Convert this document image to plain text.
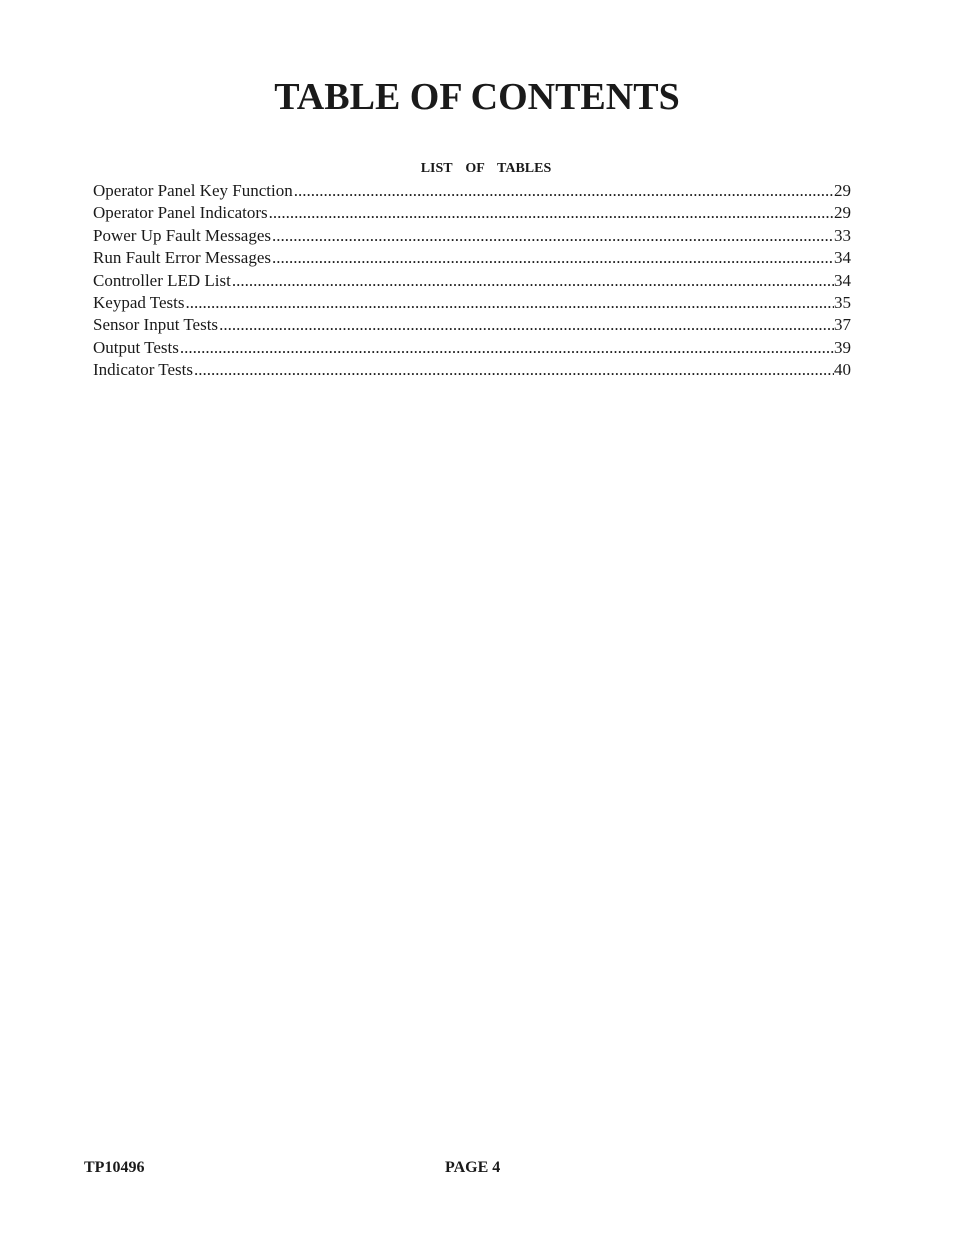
TABLE OF CONTENTS
LIST  OF  TABLES
Operator Panel Key Function .....	29
Operator Panel Indicators .....	29
Power Up Fault Messages .....	33
Run Fault Error Messages .....	34
Controller LED List .....	34
Keypad Tests .....	35
Sensor Input Tests .....	37
Output Tests .....	39
Indicator Tests .....	40
TP10496	PAGE 4
